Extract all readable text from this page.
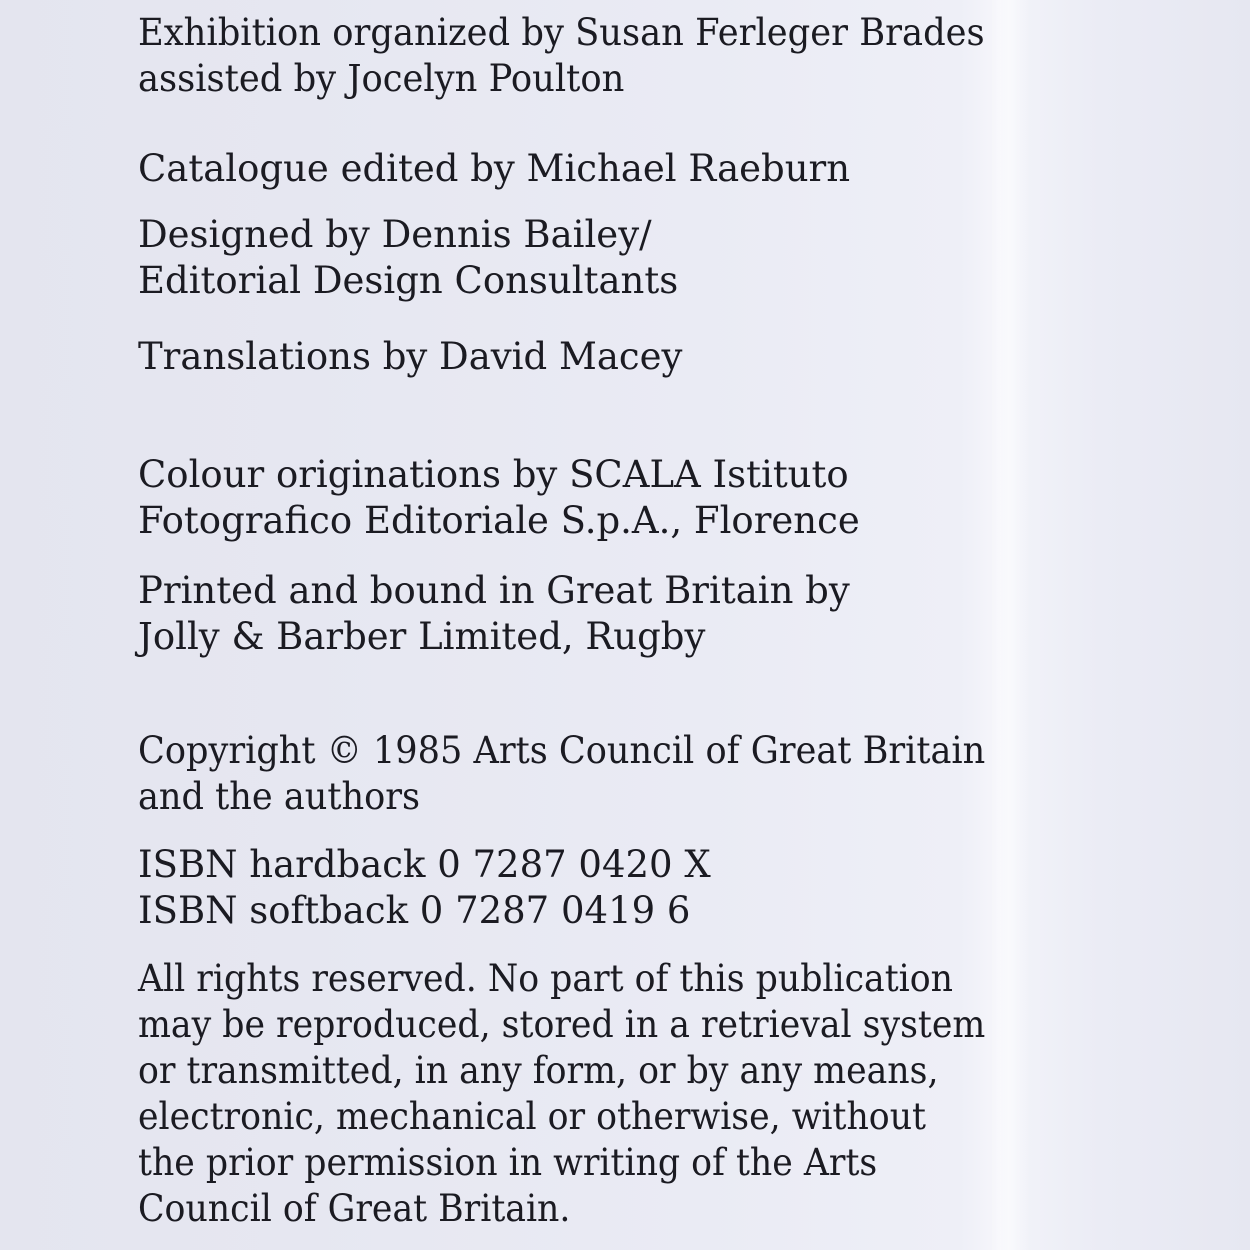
Exhibition organized by Susan Ferleger Brades
assisted by Jocelyn Poulton

Catalogue edited by Michael Raeburn

Designed by Dennis Bailey/
Editorial Design Consultants

Translations by David Macey

Colour originations by SCALA Istituto
Fotografico Editoriale S.p.A., Florence

Printed and bound in Great Britain by
Jolly & Barber Limited, Rugby

Copyright © 1985 Arts Council of Great Britain
and the authors

ISBN hardback 0 7287 0420 X
ISBN softback 0 7287 0419 6

All rights reserved. No part of this publication
may be reproduced, stored in a retrieval system
or transmitted, in any form, or by any means,
electronic, mechanical or otherwise, without
the prior permission in writing of the Arts
Council of Great Britain.
